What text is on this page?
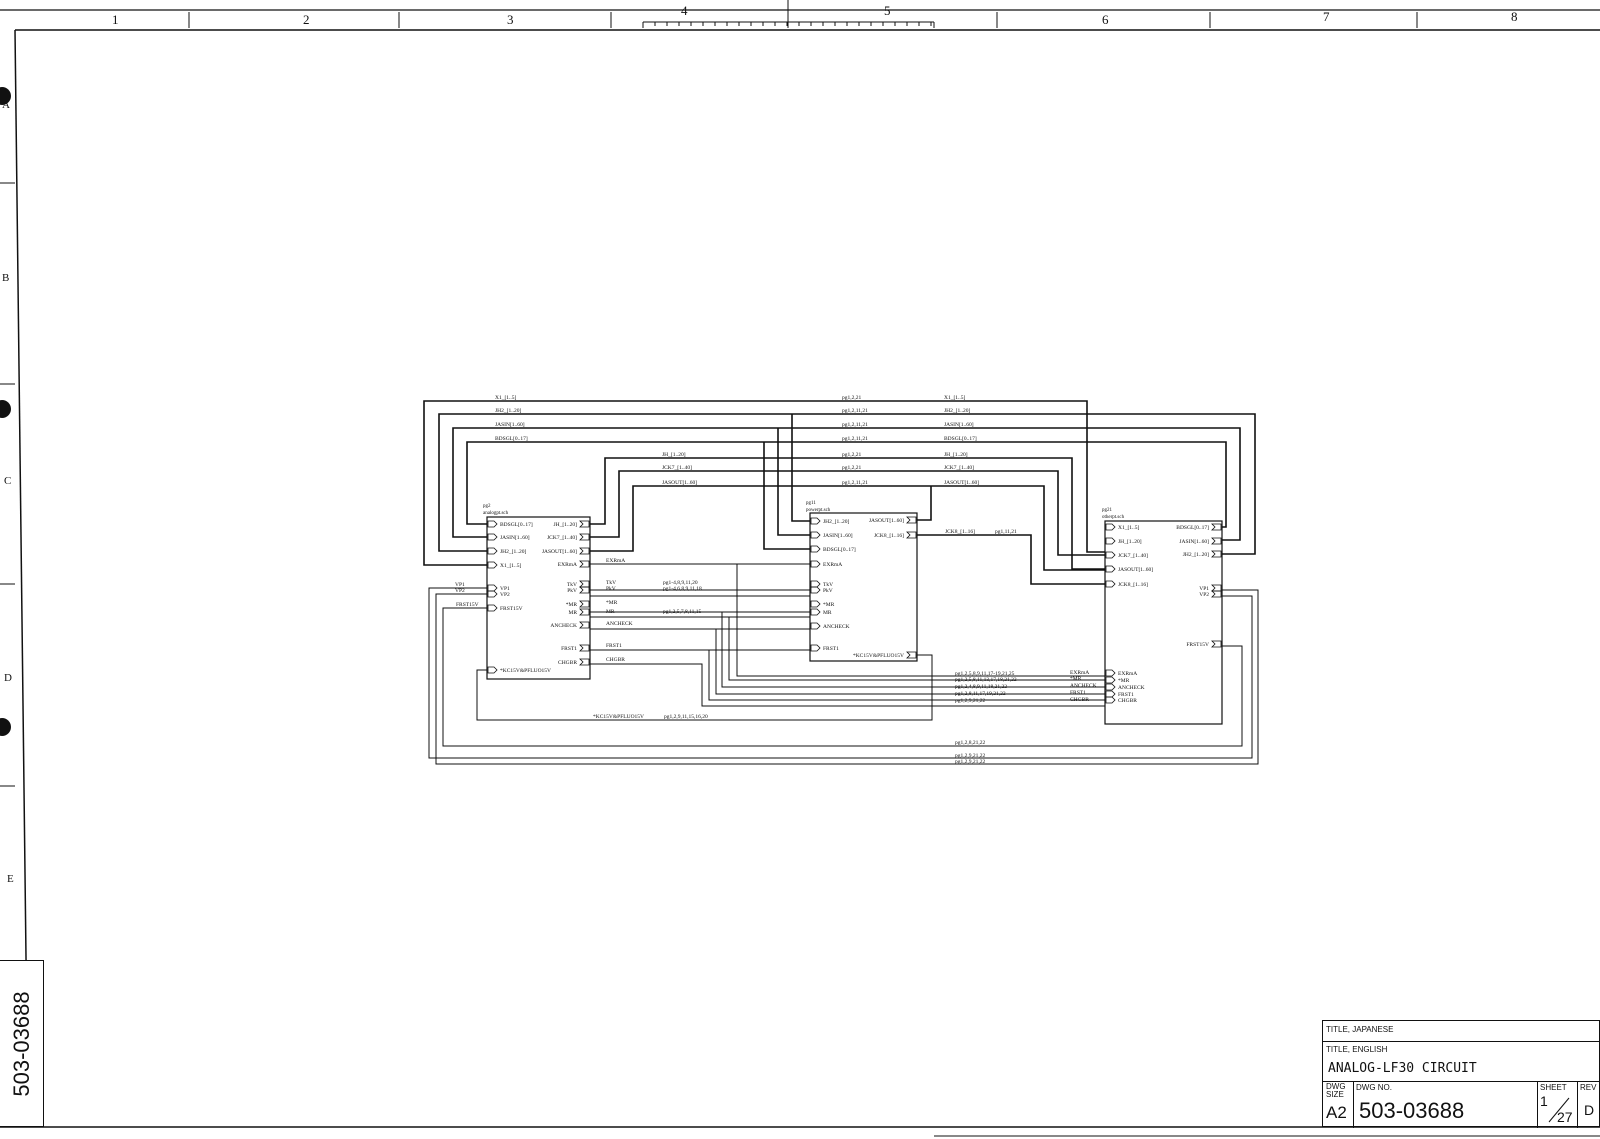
1	2	3
4	5
6	7	8
A
B
C
D
E
pg2
analogpt.sch
BDSGL[0..17]
JASIN[1..60]
JH2_[1..20]
X1_[1..5]
VP1
VP2
FRST15V
*KC15V&PFLUO15V
JH_[1..20]
JCK7_[1..40]
JASOUT[1..60]
EXRmA
TkV
PkV
*MR
MR
ANCHECK
FRST1
CHGBR
pg11
powerpt.sch
JH2_[1..20]
JASIN[1..60]
BDSGL[0..17]
EXRmA
TkV
PkV
*MR
MR
ANCHECK
FRST1
JASOUT[1..60]
JCK8_[1..16]
*KC15V&PFLUO15V
pg21
otherpt.sch
X1_[1..5]
JH_[1..20]
JCK7_[1..40]
JASOUT[1..60]
JCK8_[1..16]
EXRmA
*MR
ANCHECK
FRST1
CHGBR
BDSGL[0..17]
JASIN[1..60]
JH2_[1..20]
VP1
VP2
FRST15V
X1_[1..5]
JH2_[1..20]
JASIN[1..60]
BDSGL[0..17]
JH_[1..20]
JCK7_[1..40]
JASOUT[1..60]
pg1,2,21
pg1,2,11,21
pg1,2,11,21
pg1,2,11,21
pg1,2,21
pg1,2,21
pg1,2,11,21
X1_[1..5]
JH2_[1..20]
JASIN[1..60]
BDSGL[0..17]
JH_[1..20]
JCK7_[1..40]
JASOUT[1..60]
JCK8_[1..16]	pg1,11,21
EXRmA
TkV
PkV
*MR
MR
ANCHECK
FRST1
CHGBR
pg1-4,8,9,11,20
pg1-4,6,8,9,11,18
pg1,2,5,7,8,11,15
VP1
VP2
FRST15V
pg1,2,5,8,9,11,17-19,21,25
pg1,2,5,8,11,13,17,18,21,22
pg1,2,4,8,9,11,18,21,22
pg1,2,8,11,17,19,21,22
pg1,2,9,21,22
EXRmA
*MR
ANCHECK
FRST1
CHGBR
*KC15V&PFLUO15V	pg1,2,9,11,15,16,20
pg1,2,8,21,22
pg1,2,9,21,22
pg1,2,9,21,22
503-03688	TITLE, JAPANESE
TITLE, ENGLISH
ANALOG-LF30 CIRCUIT
DWG SIZE
A2
DWG NO.
503-03688
SHEET
1
27
REV
D
